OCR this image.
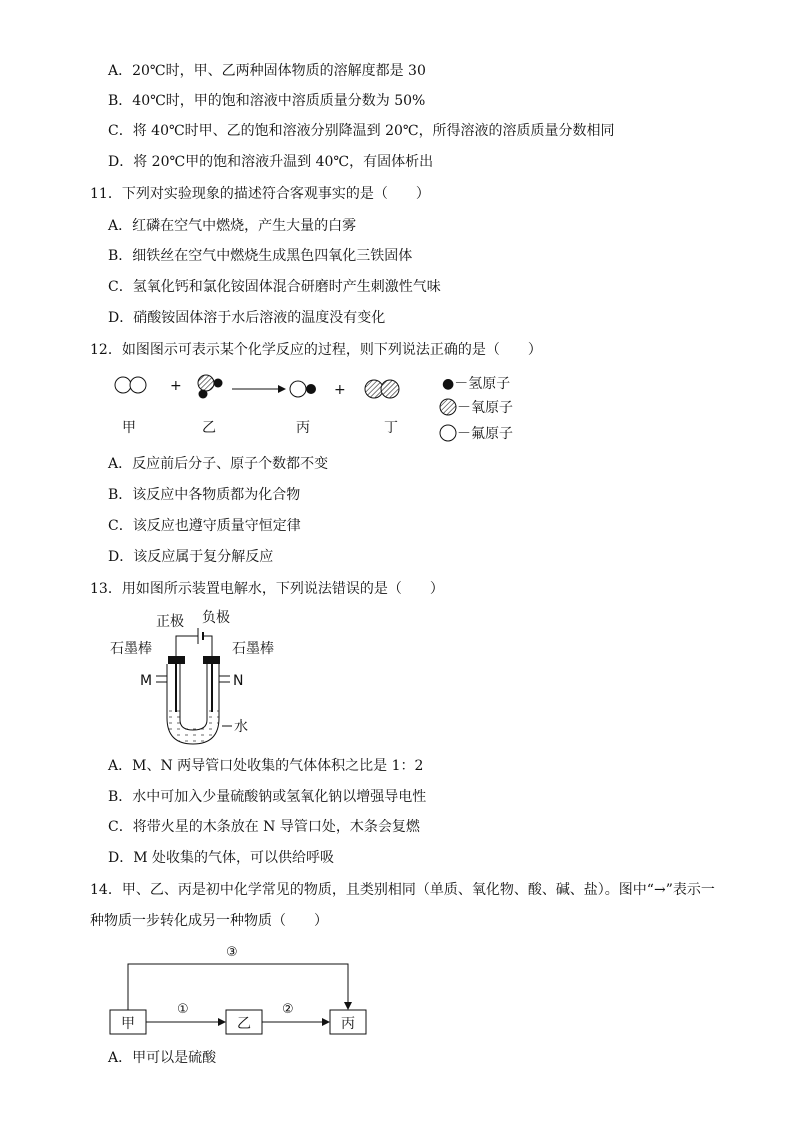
A．20℃时，甲、乙两种固体物质的溶解度都是 30
B．40℃时，甲的饱和溶液中溶质质量分数为 50%
C．将 40℃时甲、乙的饱和溶液分别降温到 20℃，所得溶液的溶质质量分数相同
D．将 20℃甲的饱和溶液升温到 40℃，有固体析出
11．下列对实验现象的描述符合客观事实的是（　　）
A．红磷在空气中燃烧，产生大量的白雾
B．细铁丝在空气中燃烧生成黑色四氧化三铁固体
C．氢氧化钙和氯化铵固体混合研磨时产生刺激性气味
D．硝酸铵固体溶于水后溶液的温度没有变化
12．如图图示可表示某个化学反应的过程，则下列说法正确的是（　　）
+	+
甲	乙	丙	丁
●－氢原子
－氧原子
－氟原子
A．反应前后分子、原子个数都不变
B．该反应中各物质都为化合物
C．该反应也遵守质量守恒定律
D．该反应属于复分解反应
13．用如图所示装置电解水，下列说法错误的是（　　）
正极 负极
石墨棒	石墨棒
M	N
水
A．M、N 两导管口处收集的气体体积之比是 1：2
B．水中可加入少量硫酸钠或氢氧化钠以增强导电性
C．将带火星的木条放在 N 导管口处，木条会复燃
D．M 处收集的气体，可以供给呼吸
14．甲、乙、丙是初中化学常见的物质，且类别相同（单质、氧化物、酸、碱、盐）。图中“→”表示一
种物质一步转化成另一种物质（　　）
甲	乙	丙
①	②
③
A．甲可以是硫酸
